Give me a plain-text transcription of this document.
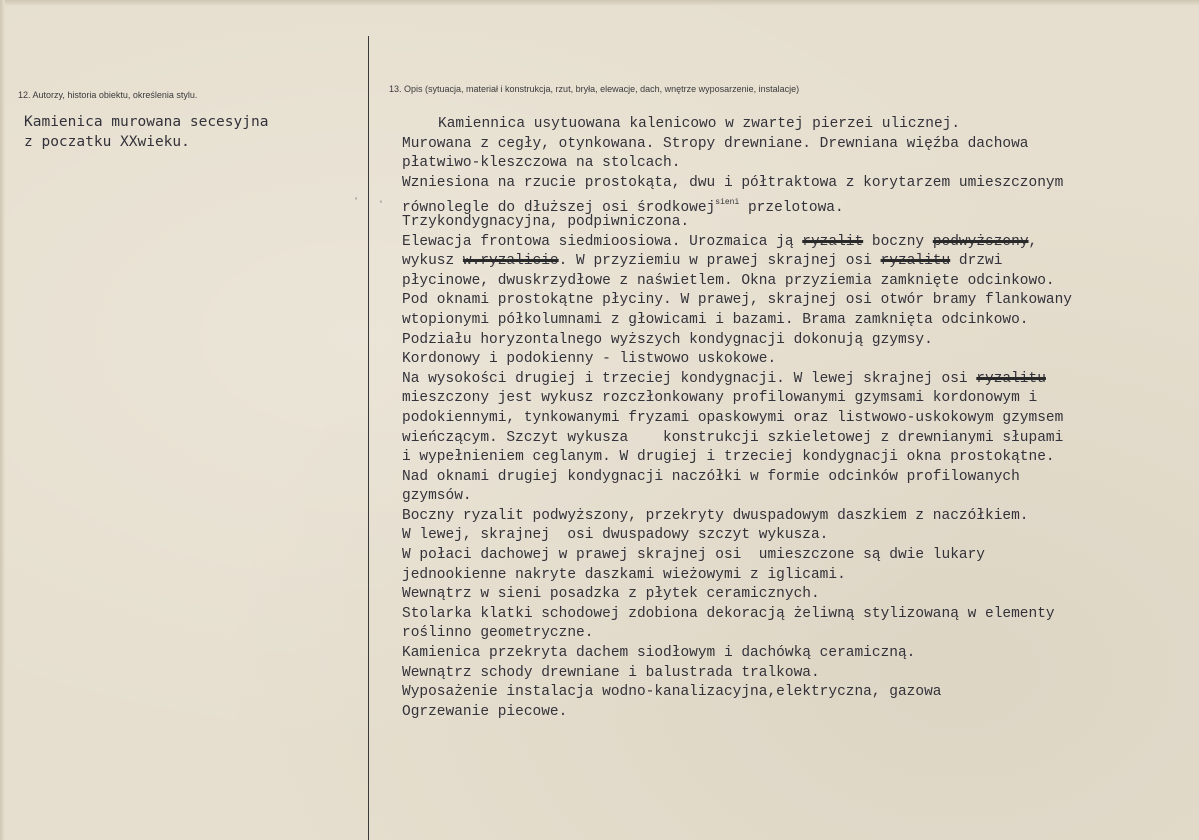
12. Autorzy, historia obiektu, określenia stylu.
Kamienica murowana secesyjna
z poczatku XXwieku.
13. Opis (sytuacja, materiał i konstrukcja, rzut, bryła, elewacje, dach, wnętrze wyposarzenie, instalacje)
Kamiennica usytuowana kalenicowo w zwartej pierzei ulicznej.
Murowana z cegły, otynkowana. Stropy drewniane. Drewniana więźba dachowa
płatwiwo-kleszczowa na stolcach.
Wzniesiona na rzucie prostokąta, dwu i półtraktowa z korytarzem umieszczonym
równolegle do dłuższej osi środkowej$^{sieni}$ przelotowa.
Trzykondygnacyjna, podpiwniczona.
Elewacja frontowa siedmioosiowa. Urozmaica ją ryzalit boczny podwyższony,
wykusz w.ryzalicie. W przyziemiu w prawej skrajnej osi ryzalitu drzwi
płycinowe, dwuskrzydłowe z naświetlem. Okna przyziemia zamknięte odcinkowo.
Pod oknami prostokątne płyciny. W prawej, skrajnej osi otwór bramy flankowany
wtopionymi półkolumnami z głowicami i bazami. Brama zamknięta odcinkowo.
Podziału horyzontalnego wyższych kondygnacji dokonują gzymsy.
Kordonowy i podokienny - listwowo uskokowe.
Na wysokości drugiej i trzeciej kondygnacji. W lewej skrajnej osi ryzalitu
mieszczony jest wykusz rozczłonkowany profilowanymi gzymsami kordonowym i
podokiennymi, tynkowanymi fryzami opaskowymi oraz listwowo-uskokowym gzymsem
wieńczącym. Szczyt wykusza    konstrukcji szkieletowej z drewnianymi słupami
i wypełnieniem ceglanym. W drugiej i trzeciej kondygnacji okna prostokątne.
Nad oknami drugiej kondygnacji naczółki w formie odcinków profilowanych
gzymsów.
Boczny ryzalit podwyższony, przekryty dwuspadowym daszkiem z naczółkiem.
W lewej, skrajnej  osi dwuspadowy szczyt wykusza.
W połaci dachowej w prawej skrajnej osi  umieszczone są dwie lukary
jednookienne nakryte daszkami wieżowymi z iglicami.
Wewnątrz w sieni posadzka z płytek ceramicznych.
Stolarka klatki schodowej zdobiona dekoracją żeliwną stylizowaną w elementy
roślinno geometryczne.
Kamienica przekryta dachem siodłowym i dachówką ceramiczną.
Wewnątrz schody drewniane i balustrada tralkowa.
Wyposażenie instalacja wodno-kanalizacyjna,elektryczna, gazowa
Ogrzewanie piecowe.
’	‘
